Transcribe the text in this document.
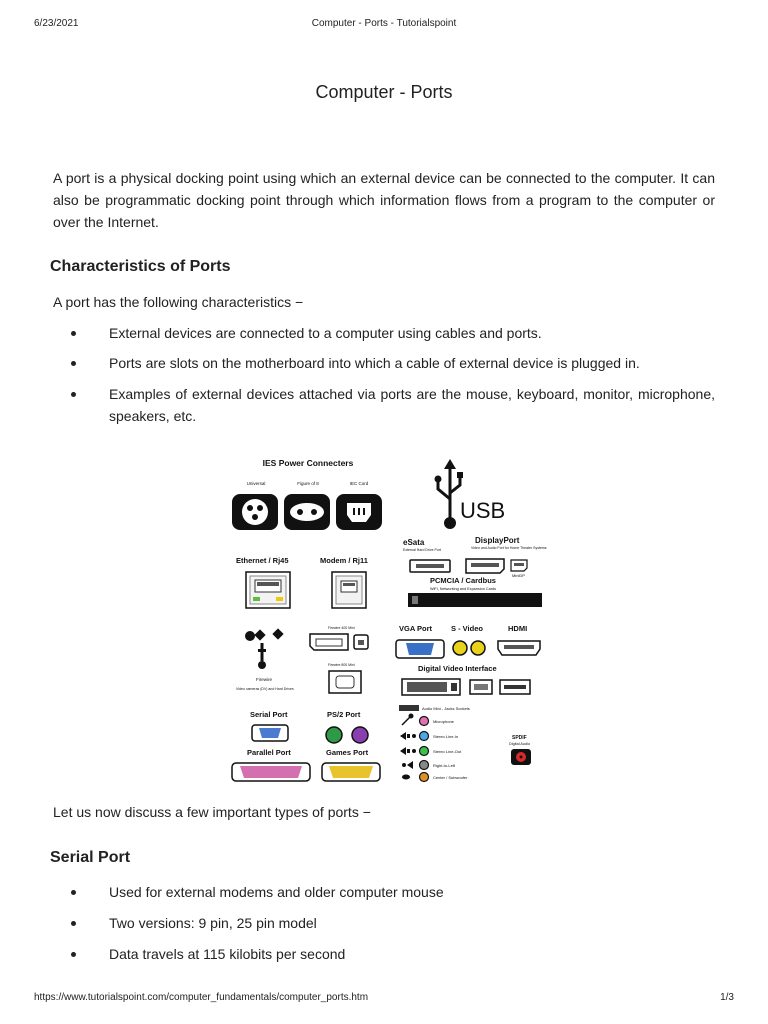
6/23/2021	Computer - Ports - Tutorialspoint
Computer - Ports

A port is a physical docking point using which an external device can be connected to the computer. It can also be programmatic docking point through which information flows from a program to the computer or over the Internet.

Characteristics of Ports

A port has the following characteristics −

External devices are connected to a computer using cables and ports.
Ports are slots on the motherboard into which a cable of external device is plugged in.
Examples of external devices attached via ports are the mouse, keyboard, monitor, microphone, speakers, etc.
IES Power Connecters
Universal	Figure of 8	IEC Cord
USB
eSata
External Hard Drive Port
DisplayPort
Video and Audio Port for Home Theater Systems
MiniDP
Ethernet / Rj45	Modem / Rj11
PCMCIA / Cardbus
WiFi, Networking and Expansion Cards
Firewire
Video cameras (DV) and Hard Drives
Firewire 400 Mini
Firewire 800 Mini
VGA Port	S - Video	HDMI
Digital Video Interface
Serial Port	PS/2 Port
Parallel Port	Games Port
Audio Mini - Jacks Sockets
Microphone
Stereo Line-In
Stereo Line-Out
Right-to-Left
Center / Subwoofer
SPDIF
Digital Audio

Let us now discuss a few important types of ports −

Serial Port
Used for external modems and older computer mouse
Two versions: 9 pin, 25 pin model
Data travels at 115 kilobits per second
https://www.tutorialspoint.com/computer_fundamentals/computer_ports.htm	1/3
